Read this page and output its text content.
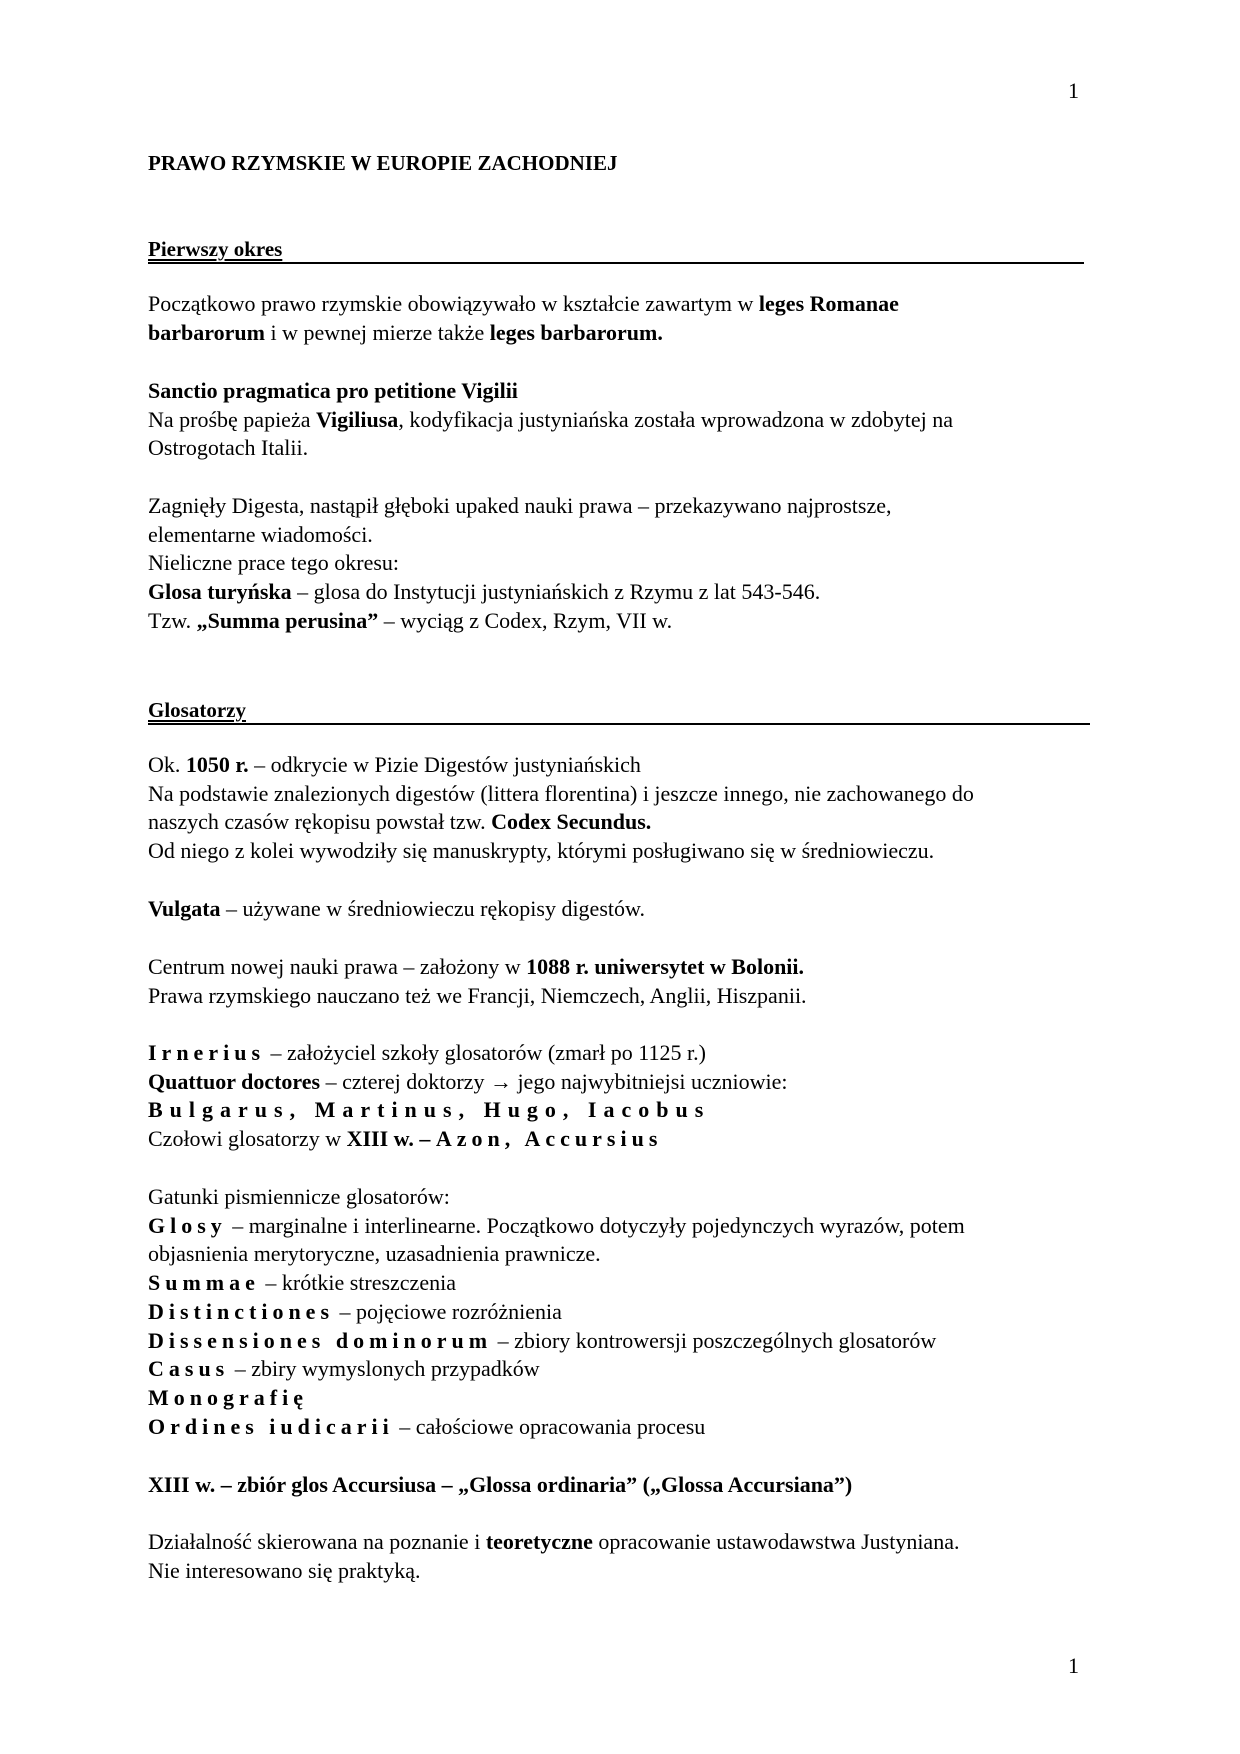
1
PRAWO RZYMSKIE W EUROPIE ZACHODNIEJ
Pierwszy okres

Początkowo prawo rzymskie obowiązywało w kształcie zawartym w leges Romanae

barbarorum i w pewnej mierze także leges barbarorum.

Sanctio pragmatica pro petitione Vigilii

Na prośbę papieża Vigiliusa, kodyfikacja justyniańska została wprowadzona w zdobytej na

Ostrogotach Italii.

Zagnięły Digesta, nastąpił głęboki upaked nauki prawa – przekazywano najprostsze,

elementarne wiadomości.

Nieliczne prace tego okresu:

Glosa turyńska – glosa do Instytucji justyniańskich z Rzymu z lat 543-546.

Tzw. „Summa perusina” – wyciąg z Codex, Rzym, VII w.

Glosatorzy

Ok. 1050 r. – odkrycie w Pizie Digestów justyniańskich

Na podstawie znalezionych digestów (littera florentina) i jeszcze innego, nie zachowanego do

naszych czasów rękopisu powstał tzw. Codex Secundus.

Od niego z kolei wywodziły się manuskrypty, którymi posługiwano się w średniowieczu.

Vulgata – używane w średniowieczu rękopisy digestów.

Centrum nowej nauki prawa – założony w 1088 r. uniwersytet w Bolonii.

Prawa rzymskiego nauczano też we Francji, Niemczech, Anglii, Hiszpanii.

Irnerius – założyciel szkoły glosatorów (zmarł po 1125 r.)

Quattuor doctores – czterej doktorzy → jego najwybitniejsi uczniowie:

Bulgarus, Martinus, Hugo, Iacobus

Czołowi glosatorzy w XIII w. – Azon, Accursius

Gatunki pismiennicze glosatorów:

Glosy – marginalne i interlinearne. Początkowo dotyczyły pojedynczych wyrazów, potem

objasnienia merytoryczne, uzasadnienia prawnicze.

Summae – krótkie streszczenia

Distinctiones – pojęciowe rozróżnienia

Dissensiones dominorum – zbiory kontrowersji poszczególnych glosatorów

Casus – zbiry wymyslonych przypadków

Monografię

Ordines iudicarii – całościowe opracowania procesu

XIII w. – zbiór glos Accursiusa – „Glossa ordinaria” („Glossa Accursiana”)

Działalność skierowana na poznanie i teoretyczne opracowanie ustawodawstwa Justyniana.

Nie interesowano się praktyką.

1
